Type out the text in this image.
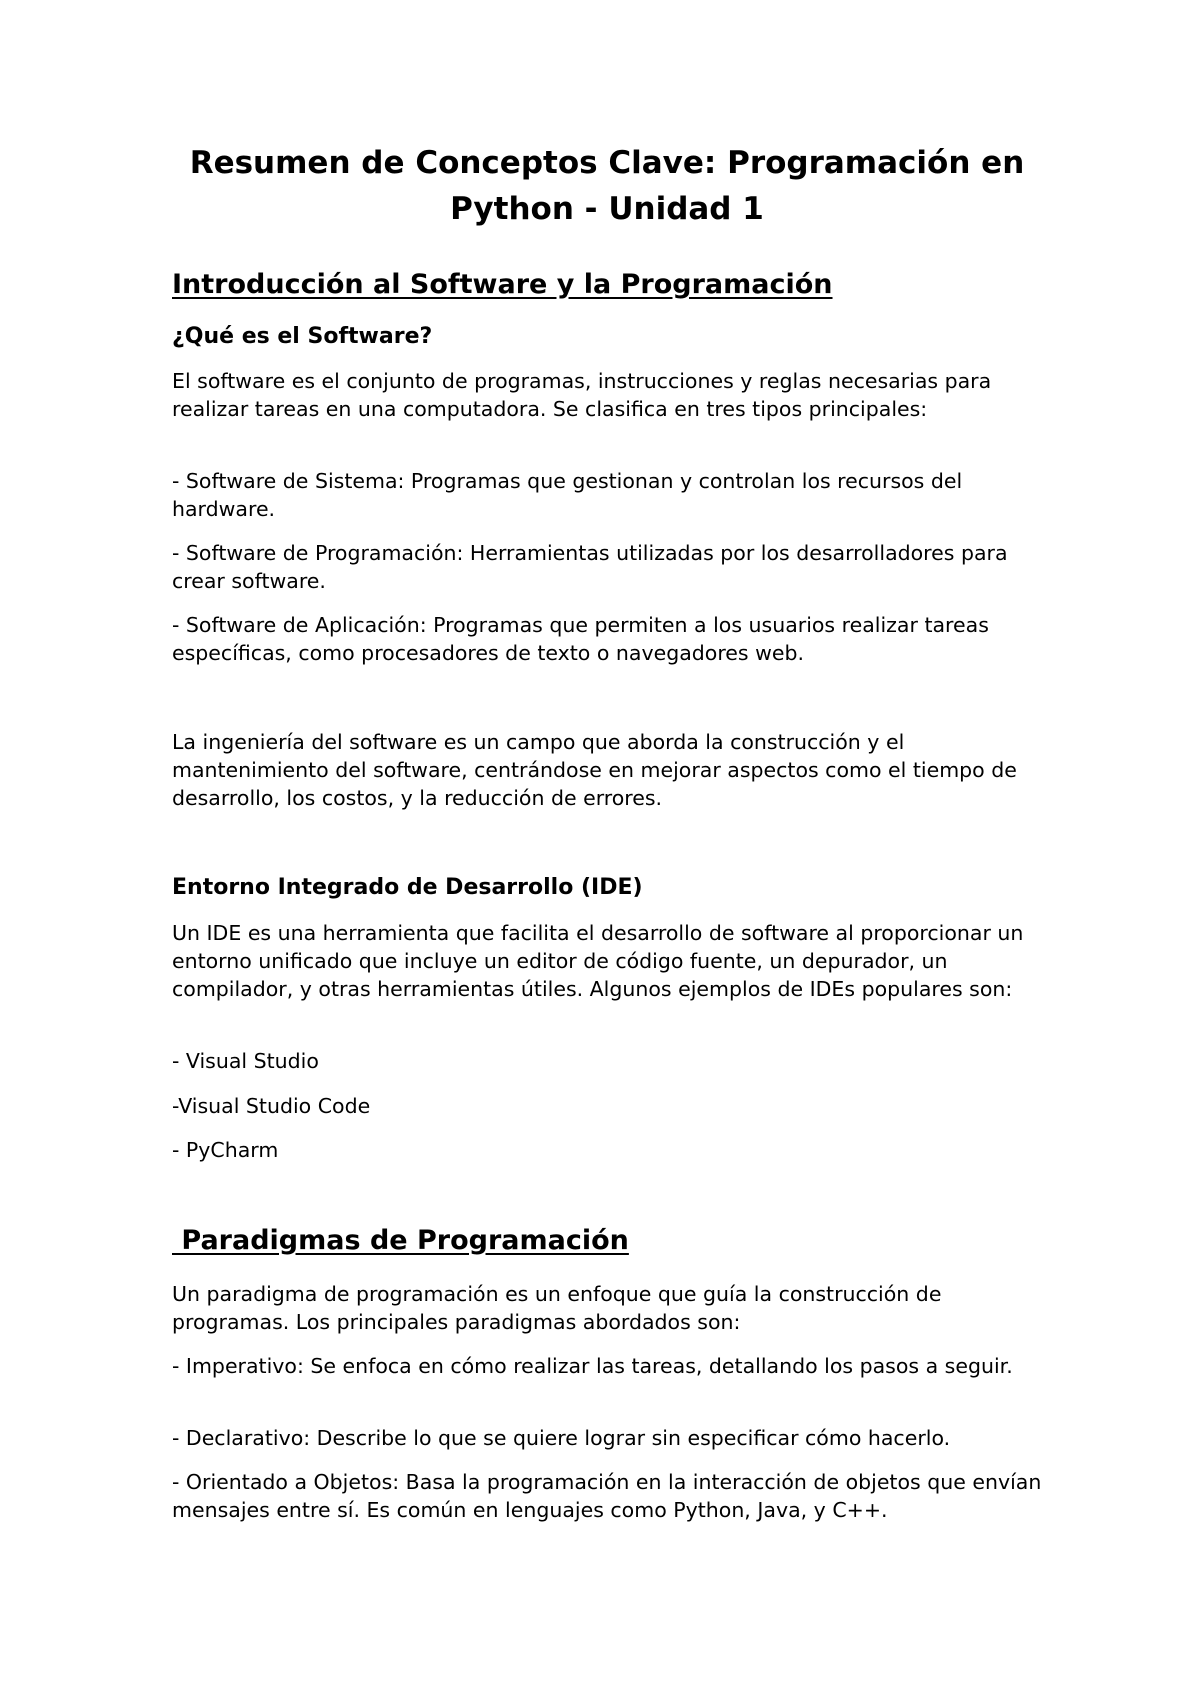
Resumen de Conceptos Clave: Programación en Python - Unidad 1
Introducción al Software y la Programación
¿Qué es el Software?

El software es el conjunto de programas, instrucciones y reglas necesarias para realizar tareas en una computadora. Se clasifica en tres tipos principales:

- Software de Sistema: Programas que gestionan y controlan los recursos del hardware.

- Software de Programación: Herramientas utilizadas por los desarrolladores para crear software.

- Software de Aplicación: Programas que permiten a los usuarios realizar tareas específicas, como procesadores de texto o navegadores web.

La ingeniería del software es un campo que aborda la construcción y el mantenimiento del software, centrándose en mejorar aspectos como el tiempo de desarrollo, los costos, y la reducción de errores.

Entorno Integrado de Desarrollo (IDE)

Un IDE es una herramienta que facilita el desarrollo de software al proporcionar un entorno unificado que incluye un editor de código fuente, un depurador, un compilador, y otras herramientas útiles. Algunos ejemplos de IDEs populares son:

- Visual Studio

-Visual Studio Code

- PyCharm

Paradigmas de Programación

Un paradigma de programación es un enfoque que guía la construcción de programas. Los principales paradigmas abordados son:

- Imperativo: Se enfoca en cómo realizar las tareas, detallando los pasos a seguir.

- Declarativo: Describe lo que se quiere lograr sin especificar cómo hacerlo.

- Orientado a Objetos: Basa la programación en la interacción de objetos que envían mensajes entre sí. Es común en lenguajes como Python, Java, y C++.
